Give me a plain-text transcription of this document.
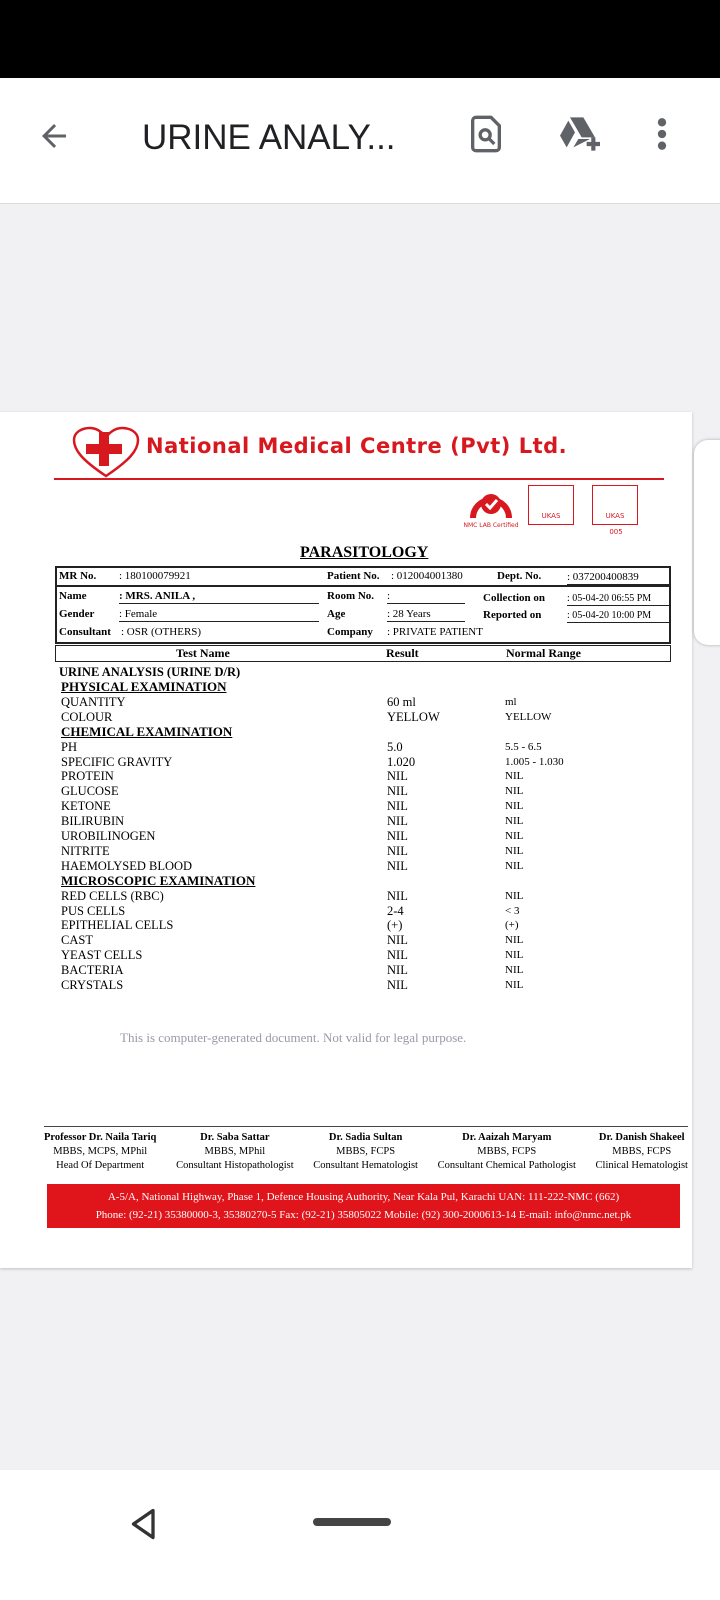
URINE ANALY...
National Medical Centre (Pvt) Ltd.
NMC LAB Certified
UKAS	UKAS
005
PARASITOLOGY
MR No. : 180100079921	Patient No. : 012004001380	Dept. No. : 037200400839
Name	: MRS. ANILA ,	Room No. :	Collection on : 05-04-20 06:55 PM
Gender : Female	Age	: 28 Years	Reported on	: 05-04-20 10:00 PM
Consultant : OSR (OTHERS)	Company : PRIVATE PATIENT
Test Name	Result	Normal Range
URINE ANALYSIS (URINE D/R)
PHYSICAL EXAMINATION
QUANTITY	60 ml	ml
COLOUR	YELLOW	YELLOW
CHEMICAL EXAMINATION
PH	5.0	5.5 - 6.5
SPECIFIC GRAVITY	1.020	1.005 - 1.030
PROTEIN	NIL	NIL
GLUCOSE	NIL	NIL
KETONE	NIL	NIL
BILIRUBIN	NIL	NIL
UROBILINOGEN	NIL	NIL
NITRITE	NIL	NIL
HAEMOLYSED BLOOD	NIL	NIL
MICROSCOPIC EXAMINATION
RED CELLS (RBC)	NIL	NIL
PUS CELLS	2-4	< 3
EPITHELIAL CELLS	(+)	(+)
CAST	NIL	NIL
YEAST CELLS	NIL	NIL
BACTERIA	NIL	NIL
CRYSTALS	NIL	NIL
This is computer-generated document. Not valid for legal purpose.
Professor Dr. Naila Tariq
MBBS, MCPS, MPhil
Head Of Department
Dr. Saba Sattar
MBBS, MPhil
Consultant Histopathologist
Dr. Sadia Sultan
MBBS, FCPS
Consultant Hematologist
Dr. Aaizah Maryam
MBBS, FCPS
Consultant Chemical Pathologist
Dr. Danish Shakeel
MBBS, FCPS
Clinical Hematologist
A-5/A, National Highway, Phase 1, Defence Housing Authority, Near Kala Pul, Karachi UAN: 111-222-NMC (662)
Phone: (92-21) 35380000-3, 35380270-5 Fax: (92-21) 35805022 Mobile: (92) 300-2000613-14 E-mail: info@nmc.net.pk
